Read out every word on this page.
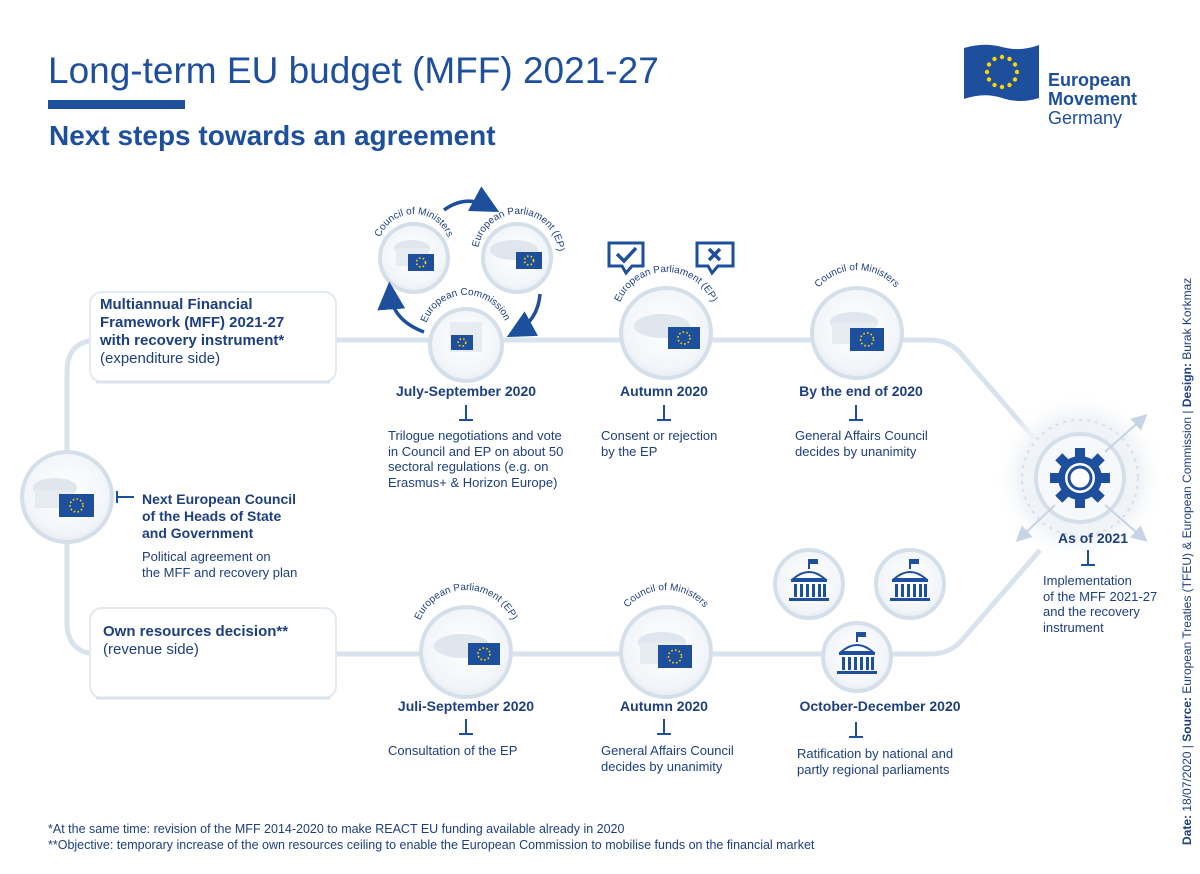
Long-term EU budget (MFF) 2021-27
Next steps towards an agreement
European
Movement
Germany
Council of Ministers
European Parliament (EP)
European Commission
European Parliament (EP)
Council of Ministers
European Parliament (EP)
Council of Ministers
Multiannual Financial
Framework (MFF) 2021-27
with recovery instrument*
(expenditure side)
Own resources decision**
(revenue side)
Next European Council
of the Heads of State
and Government
Political agreement on
the MFF and recovery plan
July-September 2020
Trilogue negotiations and vote
in Council and EP on about 50
sectoral regulations (e.g. on
Erasmus+ & Horizon Europe)
Autumn 2020
Consent or rejection
by the EP
By the end of 2020
General Affairs Council
decides by unanimity
Juli-September 2020
Consultation of the EP
Autumn 2020
General Affairs Council
decides by unanimity
October-December 2020
Ratification by national and
partly regional parliaments
As of 2021
Implementation
of the MFF 2021-27
and the recovery
instrument
*At the same time: revision of the MFF 2014-2020 to make REACT EU funding available already in 2020
**Objective: temporary increase of the own resources ceiling to enable the European Commission to mobilise funds on the financial market	Date: 18/07/2020 | Source: European Treaties (TFEU) & European Commission | Design: Burak Korkmaz
